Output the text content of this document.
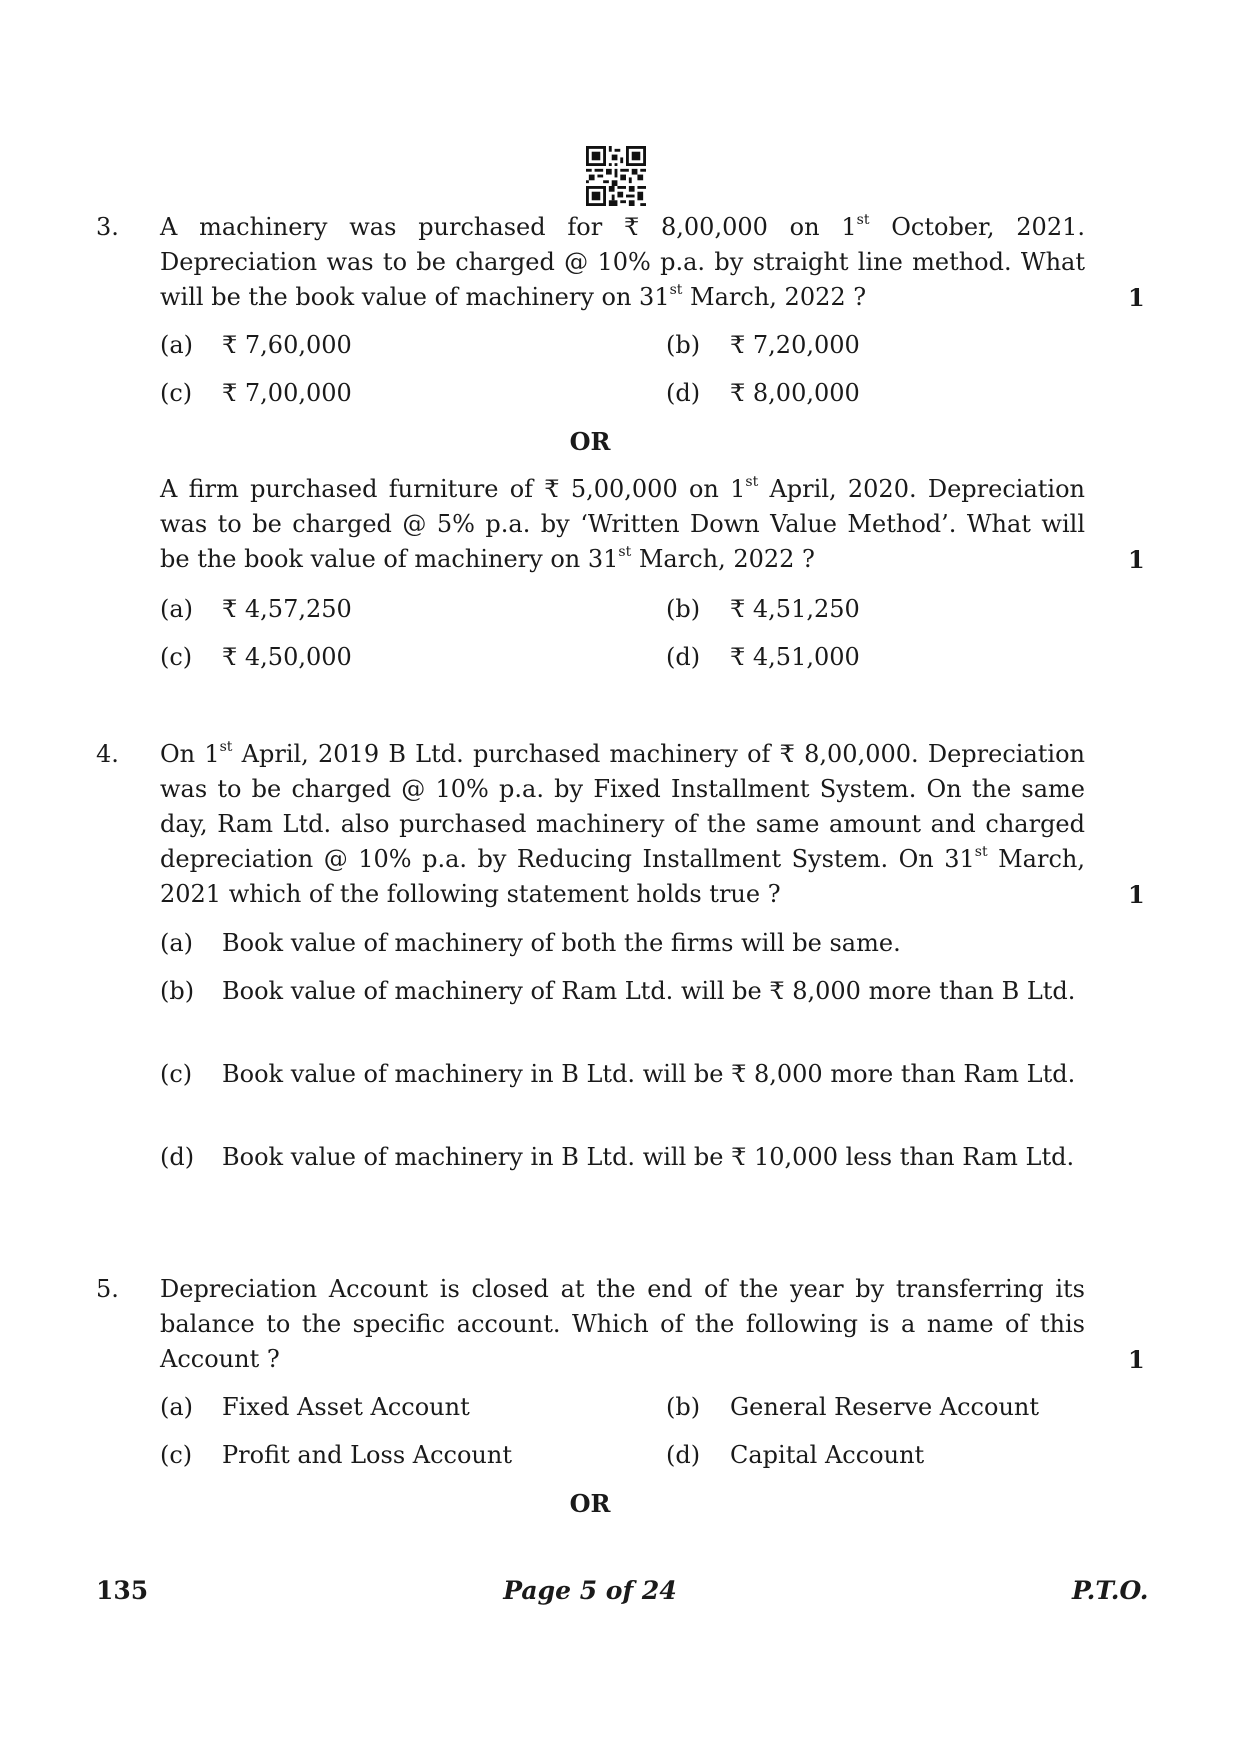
3.	A machinery was purchased for ₹ 8,00,000 on 1st October, 2021. Depreciation was to be charged @ 10% p.a. by straight line method. What will be the book value of machinery on 31st March, 2022 ?	1
(a)	₹ 7,60,000	(b)	₹ 7,20,000
(c)	₹ 7,00,000	(d)	₹ 8,00,000
OR
A firm purchased furniture of ₹ 5,00,000 on 1st April, 2020. Depreciation was to be charged @ 5% p.a. by ‘Written Down Value Method’. What will be the book value of machinery on 31st March, 2022 ?	1
(a)	₹ 4,57,250	(b)	₹ 4,51,250
(c)	₹ 4,50,000	(d)	₹ 4,51,000
4.	On 1st April, 2019 B Ltd. purchased machinery of ₹ 8,00,000. Depreciation was to be charged @ 10% p.a. by Fixed Installment System. On the same day, Ram Ltd. also purchased machinery of the same amount and charged depreciation @ 10% p.a. by Reducing Installment System. On 31st March, 2021 which of the following statement holds true ?	1
(a)	Book value of machinery of both the firms will be same.
(b)	Book value of machinery of Ram Ltd. will be ₹ 8,000 more than B Ltd.
(c)	Book value of machinery in B Ltd. will be ₹ 8,000 more than Ram Ltd.
(d)	Book value of machinery in B Ltd. will be ₹ 10,000 less than Ram Ltd.
5.	Depreciation Account is closed at the end of the year by transferring its balance to the specific account. Which of the following is a name of this Account ?	1
(a)	Fixed Asset Account	(b)	General Reserve Account
(c)	Profit and Loss Account	(d)	Capital Account
OR
135	Page 5 of 24	P.T.O.
